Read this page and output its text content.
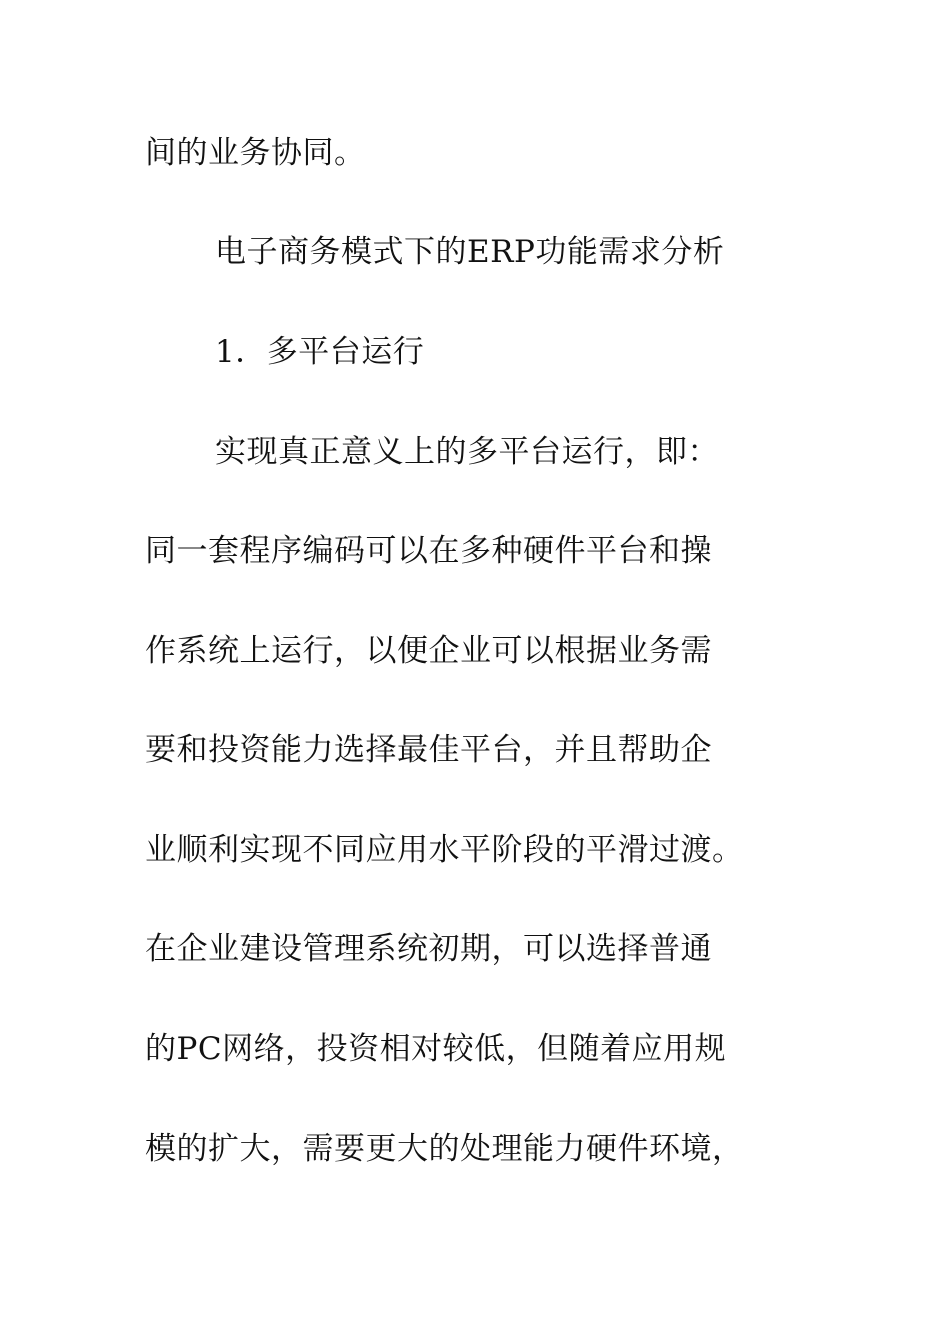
间的业务协同。
电子商务模式下的ERP功能需求分析
1．多平台运行
实现真正意义上的多平台运行，即：
同一套程序编码可以在多种硬件平台和操
作系统上运行，以便企业可以根据业务需
要和投资能力选择最佳平台，并且帮助企
业顺利实现不同应用水平阶段的平滑过渡。
在企业建设管理系统初期，可以选择普通
的PC网络，投资相对较低，但随着应用规
模的扩大，需要更大的处理能力硬件环境，
